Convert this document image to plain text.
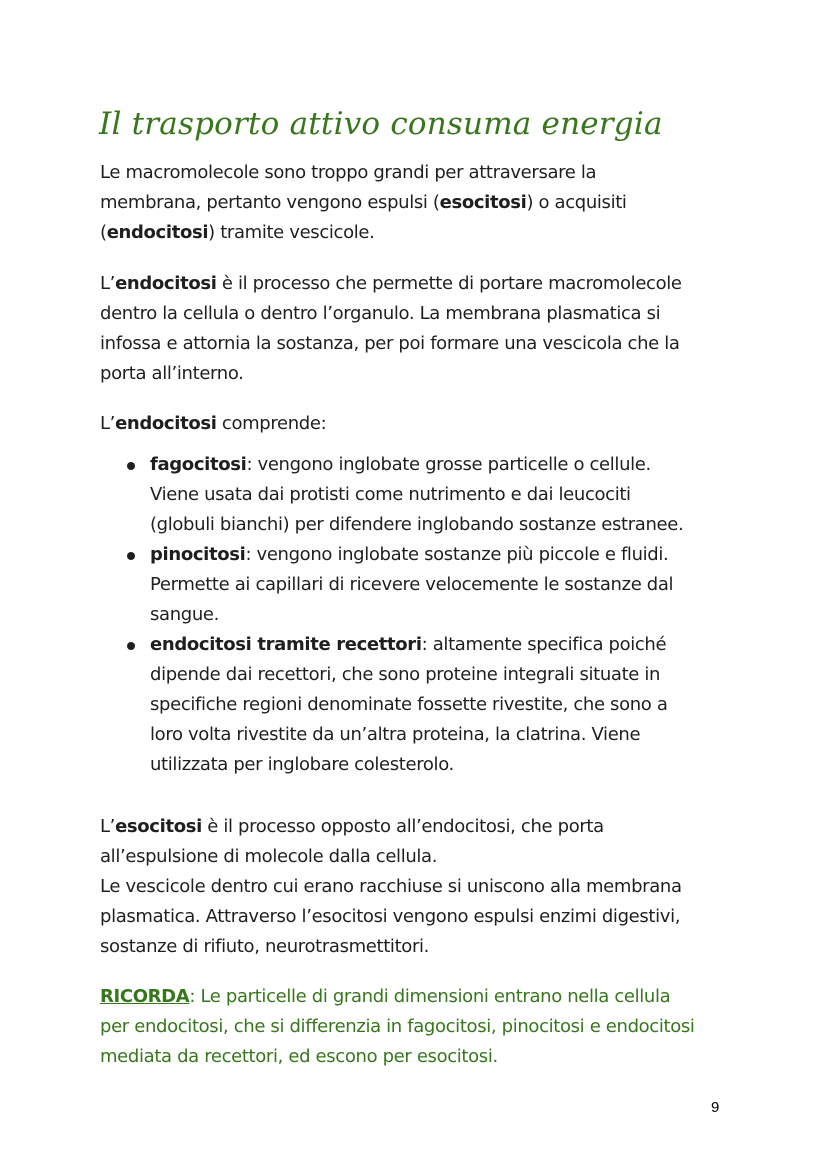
Il trasporto attivo consuma energia

Le macromolecole sono troppo grandi per attraversare la
membrana, pertanto vengono espulsi (esocitosi) o acquisiti
(endocitosi) tramite vescicole.

L’endocitosi è il processo che permette di portare macromolecole
dentro la cellula o dentro l’organulo. La membrana plasmatica si
infossa e attornia la sostanza, per poi formare una vescicola che la
porta all’interno.

L’endocitosi comprende:

fagocitosi: vengono inglobate grosse particelle o cellule.
Viene usata dai protisti come nutrimento e dai leucociti
(globuli bianchi) per difendere inglobando sostanze estranee.
pinocitosi: vengono inglobate sostanze più piccole e fluidi.
Permette ai capillari di ricevere velocemente le sostanze dal
sangue.
endocitosi tramite recettori: altamente specifica poiché
dipende dai recettori, che sono proteine integrali situate in
specifiche regioni denominate fossette rivestite, che sono a
loro volta rivestite da un’altra proteina, la clatrina. Viene
utilizzata per inglobare colesterolo.

L’esocitosi è il processo opposto all’endocitosi, che porta
all’espulsione di molecole dalla cellula.
Le vescicole dentro cui erano racchiuse si uniscono alla membrana
plasmatica. Attraverso l’esocitosi vengono espulsi enzimi digestivi,
sostanze di rifiuto, neurotrasmettitori.

RICORDA: Le particelle di grandi dimensioni entrano nella cellula
per endocitosi, che si differenzia in fagocitosi, pinocitosi e endocitosi
mediata da recettori, ed escono per esocitosi.

9
